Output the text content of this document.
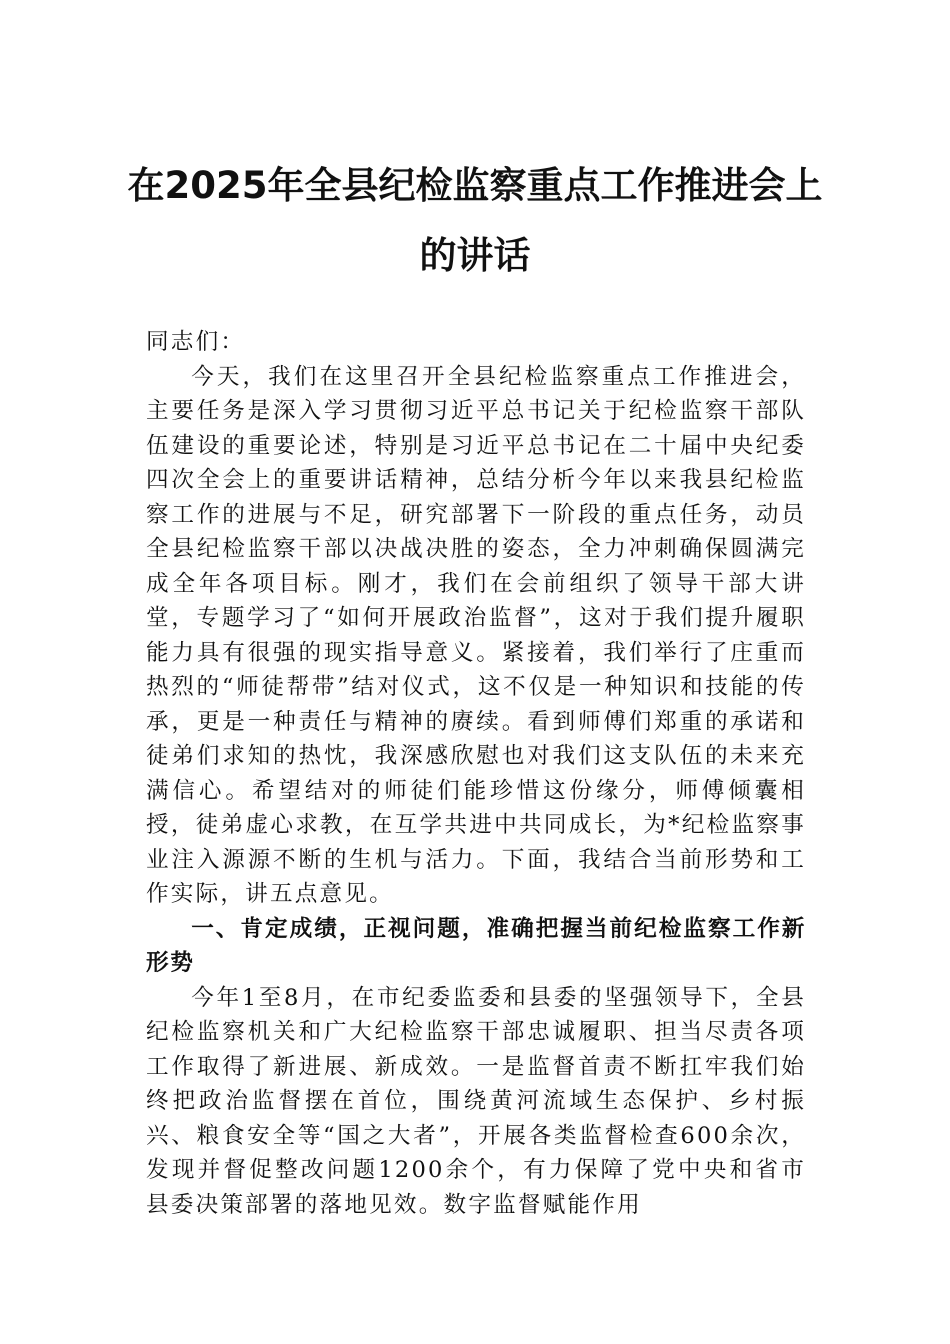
在2025年全县纪检监察重点工作推进会上
的讲话

同志们：

今天，我们在这里召开全县纪检监察重点工作推进会，主要任务是深入学习贯彻习近平总书记关于纪检监察干部队伍建设的重要论述，特别是习近平总书记在二十届中央纪委四次全会上的重要讲话精神，总结分析今年以来我县纪检监察工作的进展与不足，研究部署下一阶段的重点任务，动员全县纪检监察干部以决战决胜的姿态，全力冲刺确保圆满完成全年各项目标。刚才，我们在会前组织了领导干部大讲堂，专题学习了“如何开展政治监督”，这对于我们提升履职能力具有很强的现实指导意义。紧接着，我们举行了庄重而热烈的“师徒帮带”结对仪式，这不仅是一种知识和技能的传承，更是一种责任与精神的赓续。看到师傅们郑重的承诺和徒弟们求知的热忱，我深感欣慰也对我们这支队伍的未来充满信心。希望结对的师徒们能珍惜这份缘分，师傅倾囊相授，徒弟虚心求教，在互学共进中共同成长，为*纪检监察事业注入源源不断的生机与活力。下面，我结合当前形势和工作实际，讲五点意见。

一、肯定成绩，正视问题，准确把握当前纪检监察工作新形势

今年1至8月，在市纪委监委和县委的坚强领导下，全县纪检监察机关和广大纪检监察干部忠诚履职、担当尽责各项工作取得了新进展、新成效。一是监督首责不断扛牢我们始终把政治监督摆在首位，围绕黄河流域生态保护、乡村振兴、粮食安全等“国之大者”，开展各类监督检查600余次，发现并督促整改问题1200余个，有力保障了党中央和省市县委决策部署的落地见效。数字监督赋能作用
